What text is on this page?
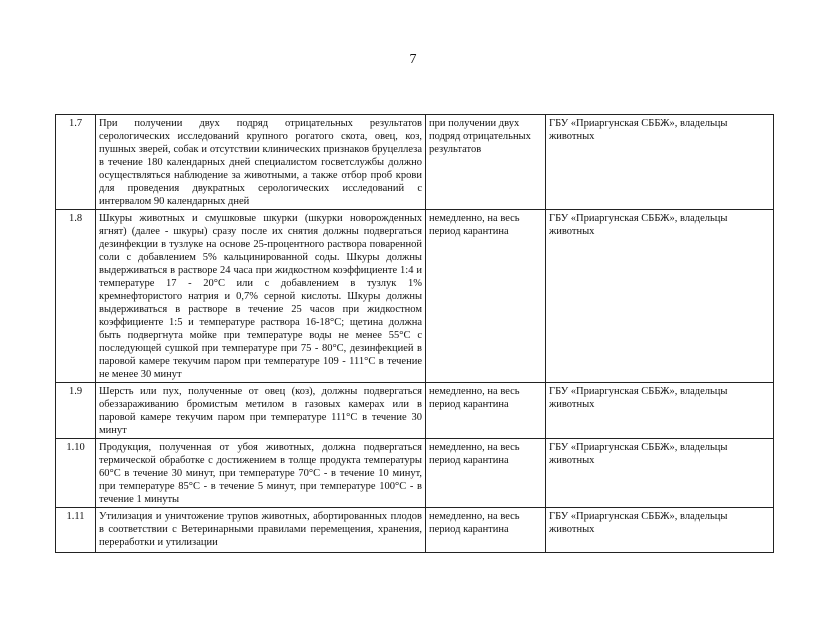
7
1.7	При получении двух подряд отрицательных результатов серологических исследований крупного рогатого скота, овец, коз, пушных зверей, собак и отсутствии клинических признаков бруцеллеза в течение 180 календарных дней специалистом госветслужбы должно осуществляться наблюдение за животными, а также отбор проб крови для проведения двукратных серологических исследований с интервалом 90 календарных дней	при получении двух подряд отрицательных результатов	ГБУ «Приаргунская СББЖ», владельцы животных
1.8	Шкуры животных и смушковые шкурки (шкурки новорожденных ягнят) (далее - шкуры) сразу после их снятия должны подвергаться дезинфекции в тузлуке на основе 25-процентного раствора поваренной соли с добавлением 5% кальцинированной соды. Шкуры должны выдерживаться в растворе 24 часа при жидкостном коэффициенте 1:4 и температуре 17 - 20°С или с добавлением в тузлук 1% кремнефтористого натрия и 0,7% серной кислоты. Шкуры должны выдерживаться в растворе в течение 25 часов при жидкостном коэффициенте 1:5 и температуре раствора 16-18°С; щетина должна быть подвергнута мойке при температуре воды не менее 55°С с последующей сушкой при температуре при 75 - 80°С, дезинфекцией в паровой камере текучим паром при температуре 109 - 111°С в течение не менее 30 минут	немедленно, на весь период карантина	ГБУ «Приаргунская СББЖ», владельцы животных
1.9	Шерсть или пух, полученные от овец (коз), должны подвергаться обеззараживанию бромистым метилом в газовых камерах или в паровой камере текучим паром при температуре 111°С в течение 30 минут	немедленно, на весь период карантина	ГБУ «Приаргунская СББЖ», владельцы животных
1.10	Продукция, полученная от убоя животных, должна подвергаться термической обработке с достижением в толще продукта температуры 60°С в течение 30 минут, при температуре 70°С - в течение 10 минут, при температуре 85°С - в течение 5 минут, при температуре 100°С - в течение 1 минуты	немедленно, на весь период карантина	ГБУ «Приаргунская СББЖ», владельцы животных
1.11	Утилизация и уничтожение трупов животных, абортированных плодов в соответствии с Ветеринарными правилами перемещения, хранения, переработки и утилизации	немедленно, на весь период карантина	ГБУ «Приаргунская СББЖ», владельцы животных
